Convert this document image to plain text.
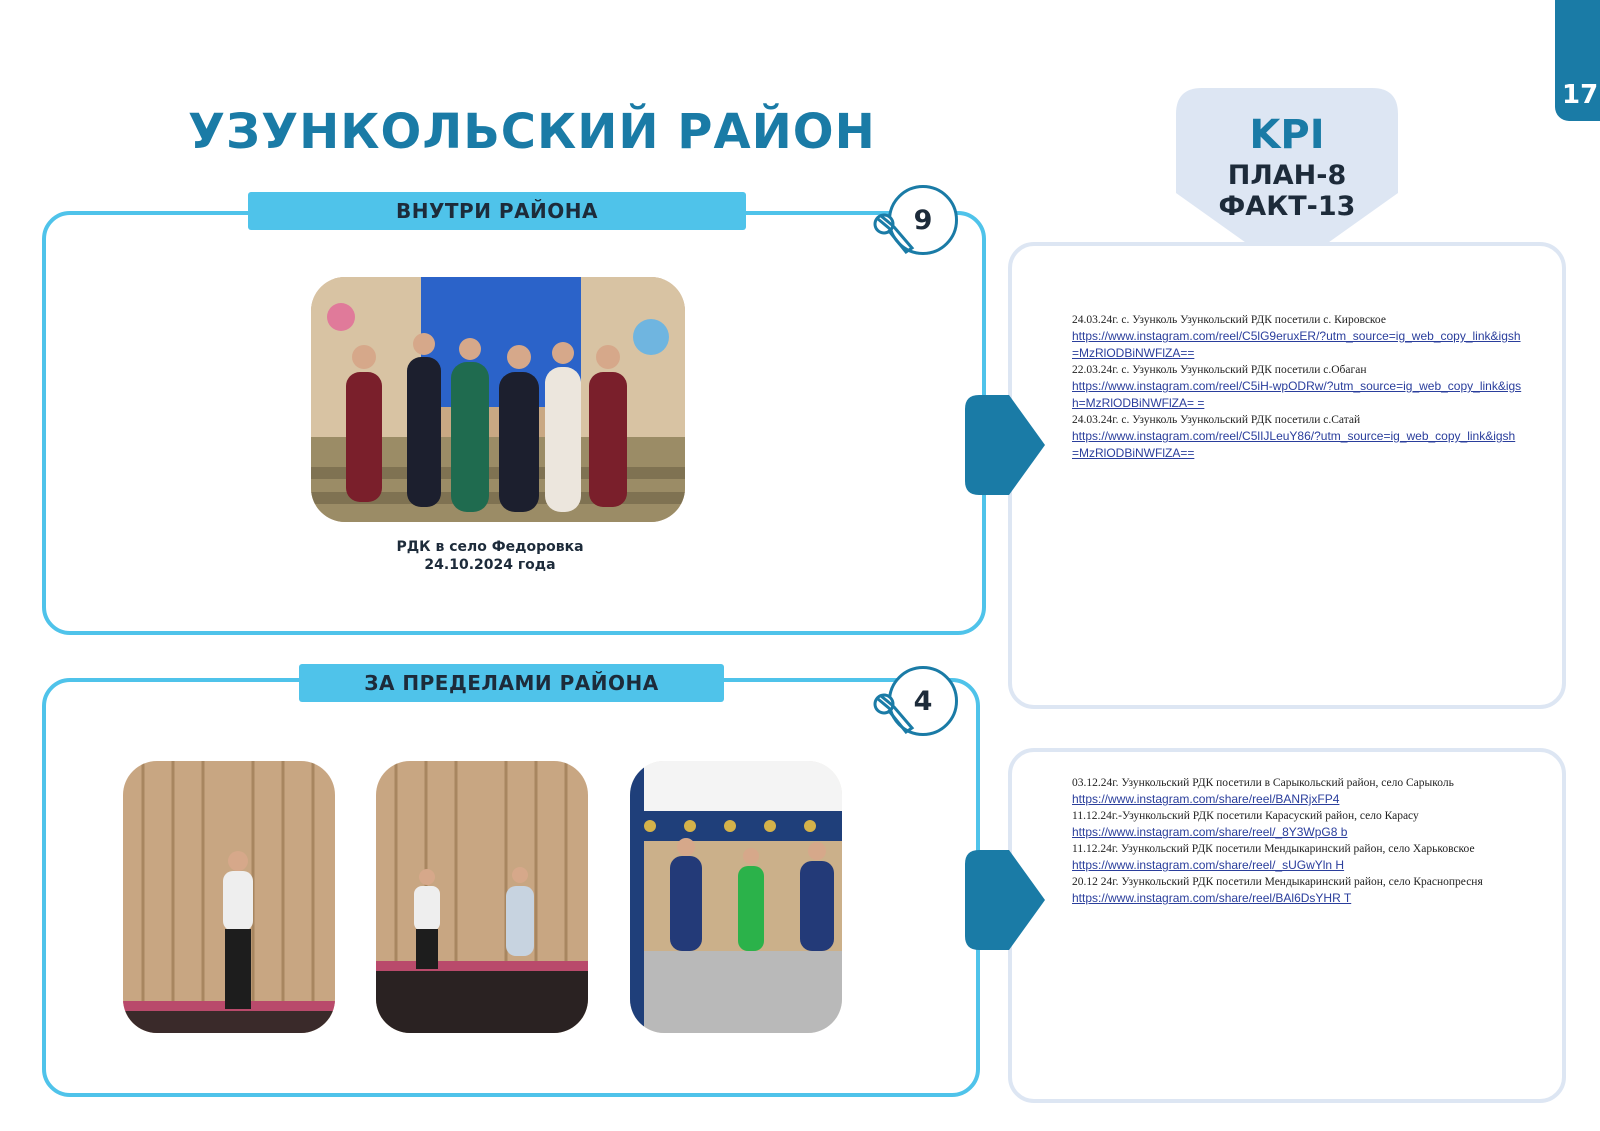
17
УЗУНКОЛЬСКИЙ РАЙОН
ВНУТРИ РАЙОНА	9
РДК в село Федоровка
24.10.2024 года
ЗА ПРЕДЕЛАМИ РАЙОНА
4
KPI
ПЛАН-8
ФАКТ-13
24.03.24г. с. Узунколь Узункольский РДК посетили с. Кировское
https://www.instagram.com/reel/C5lG9eruxER/?utm_source=ig_web_copy_link&igsh=MzRlODBiNWFlZA==
22.03.24г. с. Узунколь Узункольский РДК посетили с.Обаган
https://www.instagram.com/reel/C5iH-wpODRw/?utm_source=ig_web_copy_link&igsh=MzRlODBiNWFlZA= =
24.03.24г. с. Узунколь Узункольский РДК посетили с.Сатай
https://www.instagram.com/reel/C5lIJLeuY86/?utm_source=ig_web_copy_link&igsh=MzRlODBiNWFlZA==
03.12.24г. Узункольский РДК посетили в Сарыкольский район, село Сарыколь
https://www.instagram.com/share/reel/BANRjxFP4
11.12.24г.-Узункольский РДК посетили Карасуский район, село Карасу
https://www.instagram.com/share/reel/_8Y3WpG8 b
11.12.24г. Узункольский РДК посетили Мендыкаринский район, село Харьковское
https://www.instagram.com/share/reel/_sUGwYln H
20.12 24г. Узункольский РДК посетили Мендыкаринский район, село Краснопресня
https://www.instagram.com/share/reel/BAl6DsYHR T
